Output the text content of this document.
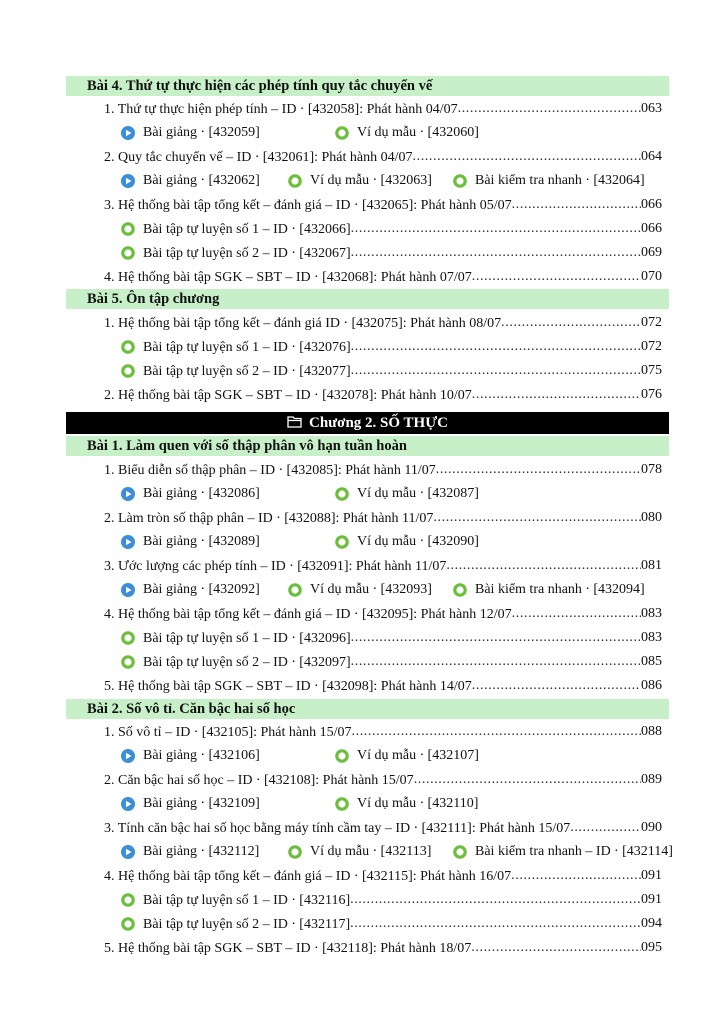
Bài 4. Thứ tự thực hiện các phép tính quy tắc chuyển vế
1. Thứ tự thực hiện phép tính – ID ⋅ [432058]: Phát hành 04/07 .....	063
Bài giảng ⋅ [432059]	Ví dụ mẫu ⋅ [432060]
2. Quy tắc chuyển vế – ID ⋅ [432061]: Phát hành 04/07 .....	064
Bài giảng ⋅ [432062]	Ví dụ mẫu ⋅ [432063]	Bài kiểm tra nhanh ⋅ [432064]
3. Hệ thống bài tập tổng kết – đánh giá – ID ⋅ [432065]: Phát hành 05/07 .....	066
Bài tập tự luyện số 1 – ID ⋅ [432066] .....	066
Bài tập tự luyện số 2 – ID ⋅ [432067] .....	069
4. Hệ thống bài tập SGK – SBT – ID ⋅ [432068]: Phát hành 07/07 .....	070
Bài 5. Ôn tập chương
1. Hệ thống bài tập tổng kết – đánh giá ID ⋅ [432075]: Phát hành 08/07 .....	072
Bài tập tự luyện số 1 – ID ⋅ [432076] .....	072
Bài tập tự luyện số 2 – ID ⋅ [432077] .....	075
2. Hệ thống bài tập SGK – SBT – ID ⋅ [432078]: Phát hành 10/07 .....	076
Chương 2. SỐ THỰC
Bài 1. Làm quen với số thập phân vô hạn tuần hoàn
1. Biểu diễn số thập phân – ID ⋅ [432085]: Phát hành 11/07 .....	078
Bài giảng ⋅ [432086]	Ví dụ mẫu ⋅ [432087]
2. Làm tròn số thập phân – ID ⋅ [432088]: Phát hành 11/07 .....	080
Bài giảng ⋅ [432089]	Ví dụ mẫu ⋅ [432090]
3. Ước lượng các phép tính – ID ⋅ [432091]: Phát hành 11/07 .....	081
Bài giảng ⋅ [432092]	Ví dụ mẫu ⋅ [432093]	Bài kiểm tra nhanh ⋅ [432094]
4. Hệ thống bài tập tổng kết – đánh giá – ID ⋅ [432095]: Phát hành 12/07 .....	083
Bài tập tự luyện số 1 – ID ⋅ [432096] .....	083
Bài tập tự luyện số 2 – ID ⋅ [432097] .....	085
5. Hệ thống bài tập SGK – SBT – ID ⋅ [432098]: Phát hành 14/07 .....	086
Bài 2. Số vô tỉ. Căn bậc hai số học
1. Số vô tỉ – ID ⋅ [432105]: Phát hành 15/07 .....	088
Bài giảng ⋅ [432106]	Ví dụ mẫu ⋅ [432107]
2. Căn bậc hai số học – ID ⋅ [432108]: Phát hành 15/07 .....	089
Bài giảng ⋅ [432109]	Ví dụ mẫu ⋅ [432110]
3. Tính căn bậc hai số học bằng máy tính cầm tay – ID ⋅ [432111]: Phát hành 15/07 .....	090
Bài giảng ⋅ [432112]	Ví dụ mẫu ⋅ [432113]	Bài kiểm tra nhanh – ID ⋅ [432114]
4. Hệ thống bài tập tổng kết – đánh giá – ID ⋅ [432115]: Phát hành 16/07 .....	091
Bài tập tự luyện số 1 – ID ⋅ [432116] .....	091
Bài tập tự luyện số 2 – ID ⋅ [432117] .....	094
5. Hệ thống bài tập SGK – SBT – ID ⋅ [432118]: Phát hành 18/07 .....	095
